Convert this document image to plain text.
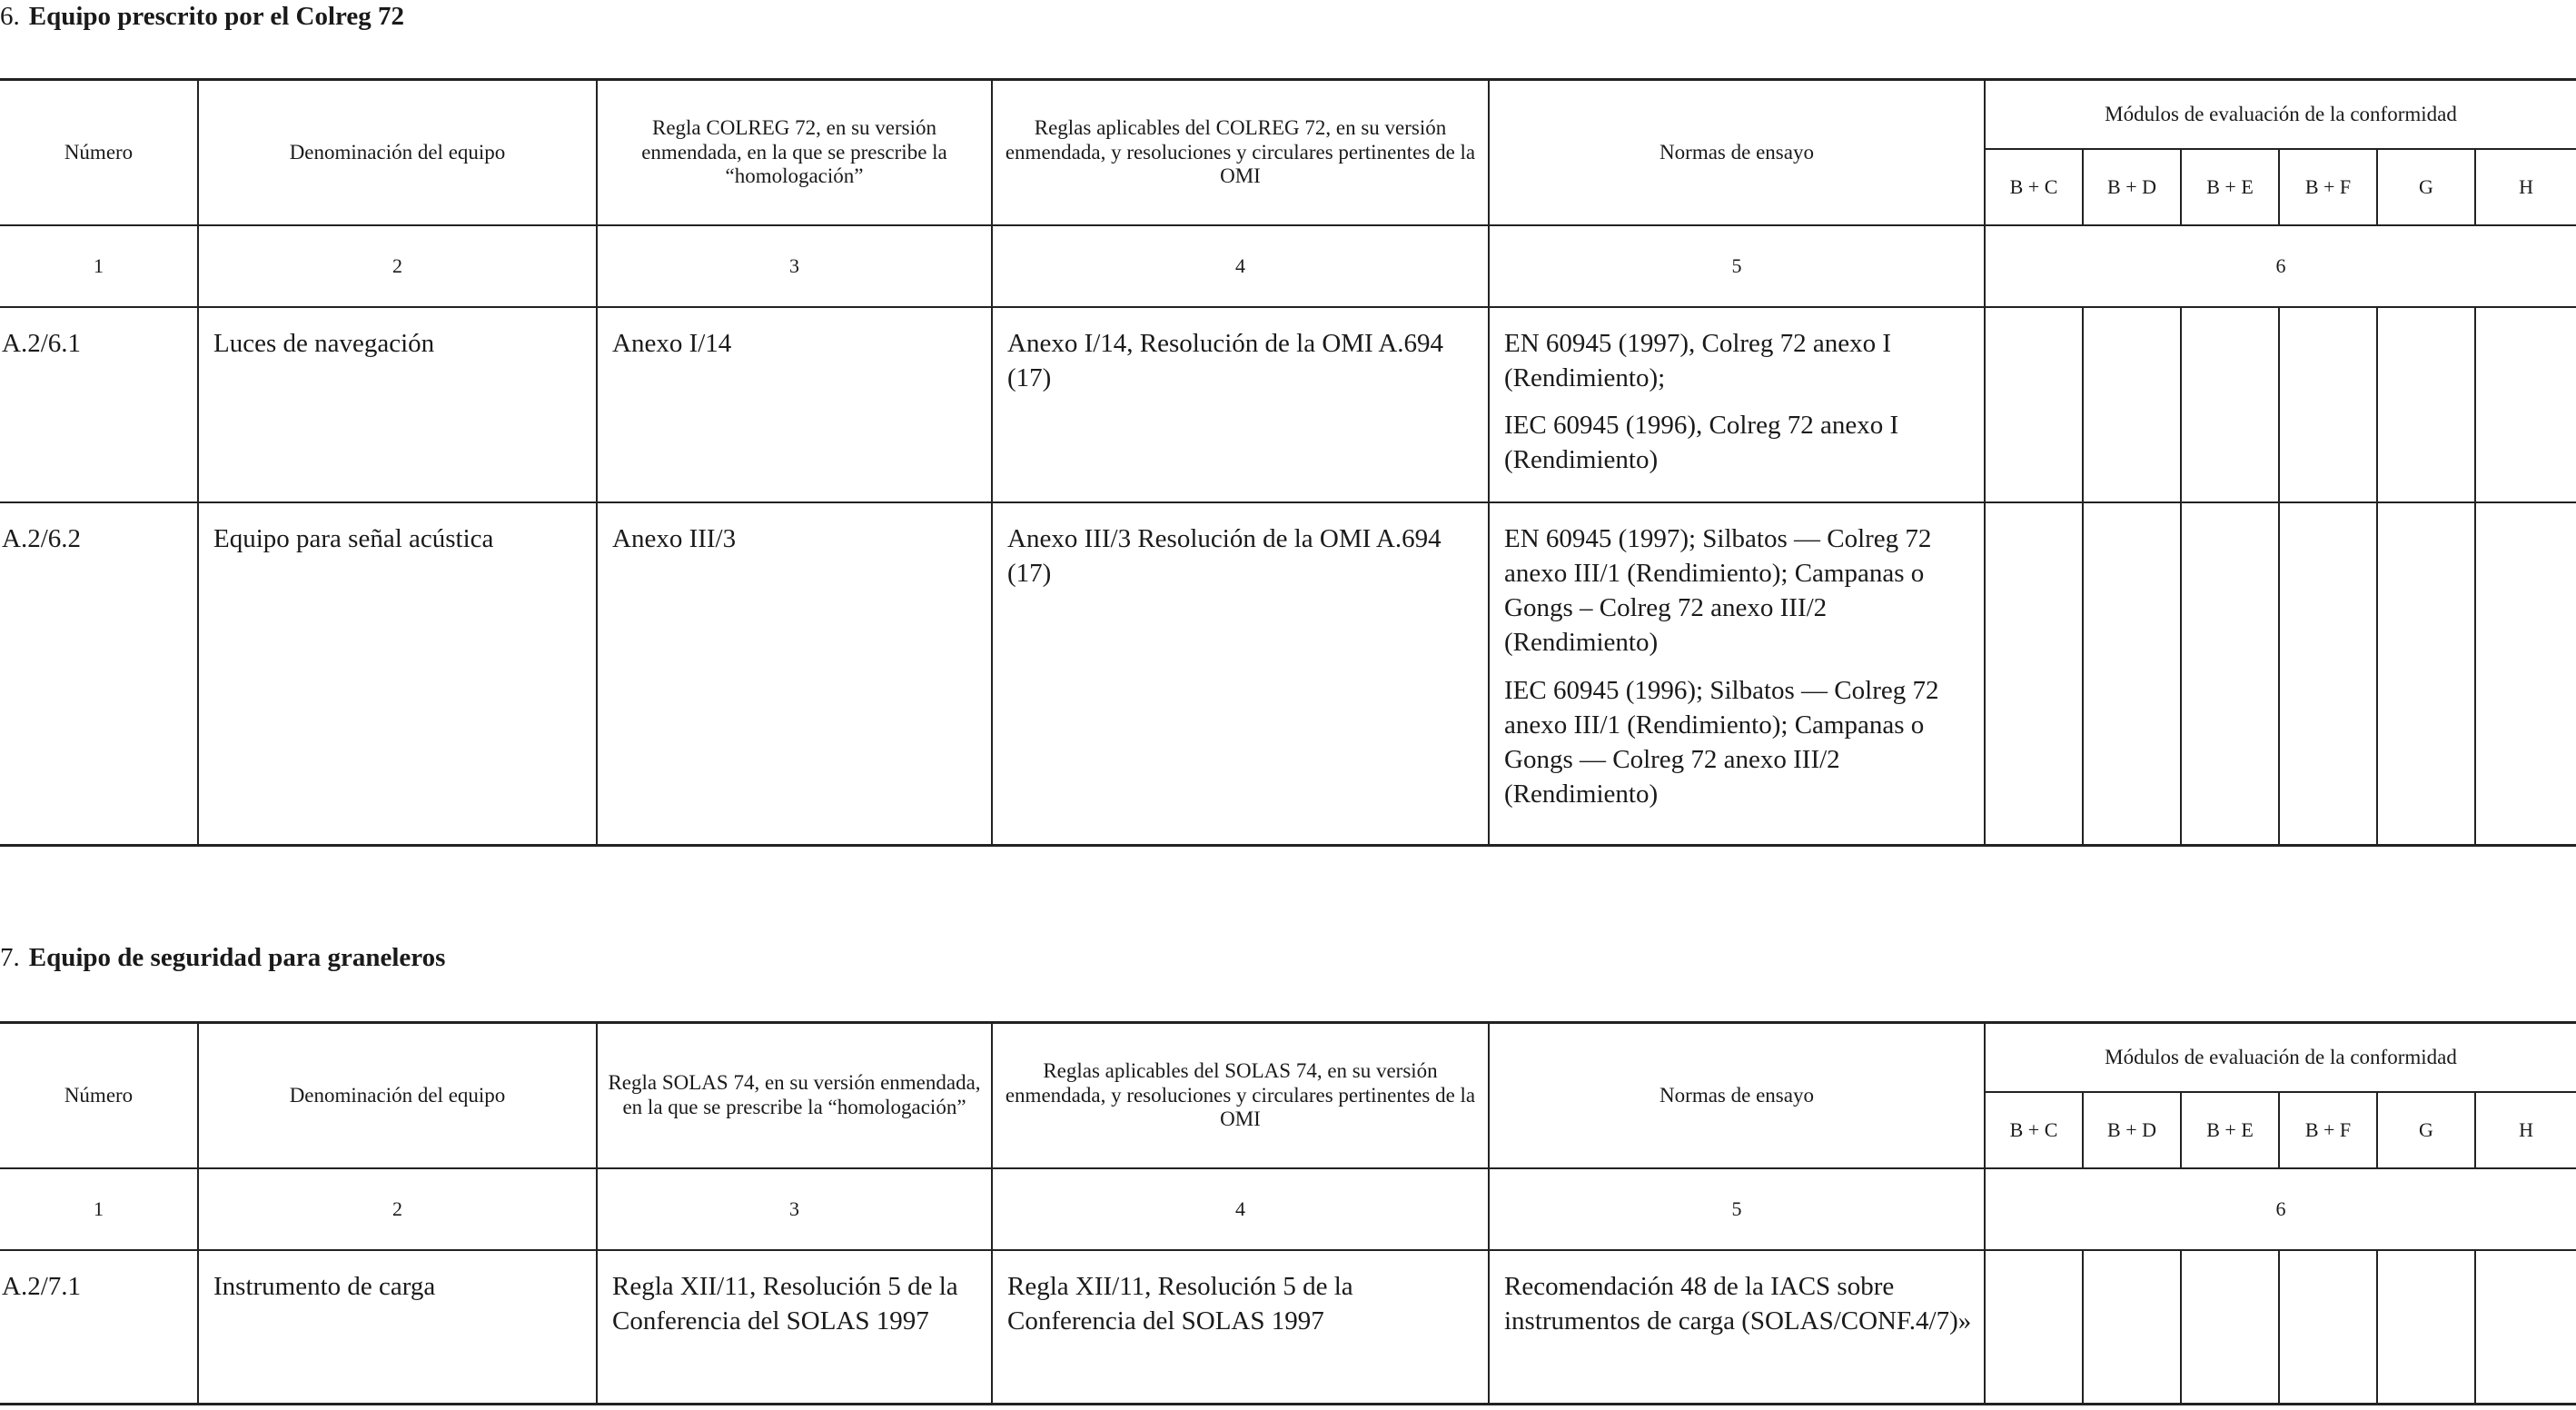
6. Equipo prescrito por el Colreg 72
Número	Denominación del equipo	Regla COLREG 72, en su versión enmendada, en la que se prescribe la “homologación”	Reglas aplicables del COLREG 72, en su versión enmendada, y resoluciones y circulares pertinentes de la OMI	Normas de ensayo	Módulos de evaluación de la conformidad					
					B + C	B + D	B + E	B + F	G	H
1	2	3	4	5	6					
A.2/6.1	Luces de navegación	Anexo I/14	Anexo I/14, Resolución de la OMI A.694 (17)	EN 60945 (1997), Colreg 72 anexo I (Rendimiento);
IEC 60945 (1996), Colreg 72 anexo I (Rendimiento)						

A.2/6.2	Equipo para señal acústica	Anexo III/3	Anexo III/3 Resolución de la OMI A.694 (17)	EN 60945 (1997); Silbatos — Colreg 72 anexo III/1 (Rendimiento); Campanas o Gongs – Colreg 72 anexo III/2 (Rendimiento)
IEC 60945 (1996); Silbatos — Colreg 72 anexo III/1 (Rendimiento); Campanas o Gongs — Colreg 72 anexo III/2 (Rendimiento)						

7. Equipo de seguridad para graneleros
Número	Denominación del equipo	Regla SOLAS 74, en su versión enmendada, en la que se prescribe la “homologación”	Reglas aplicables del SOLAS 74, en su versión enmendada, y resoluciones y circulares pertinentes de la OMI	Normas de ensayo	Módulos de evaluación de la conformidad					
					B + C	B + D	B + E	B + F	G	H
1	2	3	4	5	6					
A.2/7.1	Instrumento de carga	Regla XII/11, Resolución 5 de la Conferencia del SOLAS 1997	Regla XII/11, Resolución 5 de la Conferencia del SOLAS 1997	Recomendación 48 de la IACS sobre instrumentos de carga (SOLAS/CONF.4/7)»						
